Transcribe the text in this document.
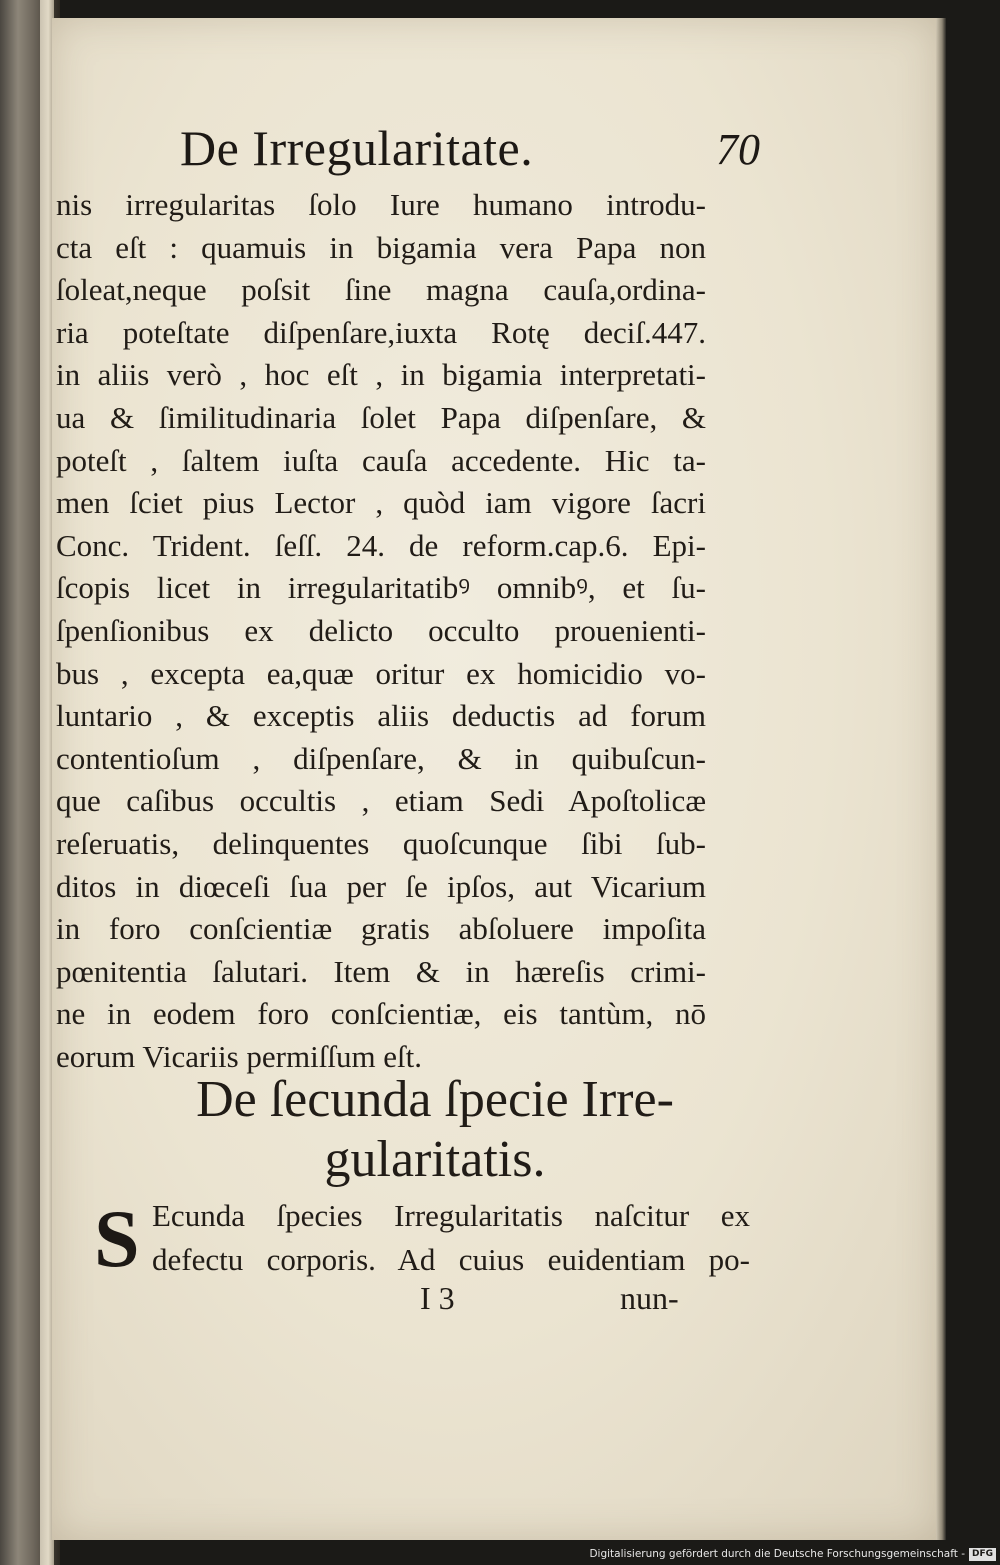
De Irregularitate.	70
nis irregularitas ſolo Iure humano introdu-
cta eſt : quamuis in bigamia vera Papa non
ſoleat,neque poſsit ſine magna cauſa,ordina-
ria poteſtate diſpenſare,iuxta Rotę deciſ.447.
in aliis verò , hoc eſt , in bigamia interpretati-
ua & ſimilitudinaria ſolet Papa diſpenſare, &
poteſt , ſaltem iuſta cauſa accedente. Hic ta-
men ſciet pius Lector , quòd iam vigore ſacri
Conc. Trident. ſeſſ. 24. de reform.cap.6. Epi-
ſcopis licet in irregularitatibꝰ omnibꝰ, et ſu-
ſpenſionibus ex delicto occulto prouenienti-
bus , excepta ea,quæ oritur ex homicidio vo-
luntario , & exceptis aliis deductis ad forum
contentioſum , diſpenſare, & in quibuſcun-
que caſibus occultis , etiam Sedi Apoſtolicæ
reſeruatis, delinquentes quoſcunque ſibi ſub-
ditos in diœceſi ſua per ſe ipſos, aut Vicarium
in foro conſcientiæ gratis abſoluere impoſita
pœnitentia ſalutari. Item & in hæreſis crimi-
ne in eodem foro conſcientiæ, eis tantùm, nō
eorum Vicariis permiſſum eſt.
De ſecunda ſpecie Irre-
gularitatis.
S Ecunda ſpecies Irregularitatis naſcitur ex
defectu corporis. Ad cuius euidentiam po-
I 3	nun-
Digitalisierung gefördert durch die Deutsche Forschungsgemeinschaft - DFG
